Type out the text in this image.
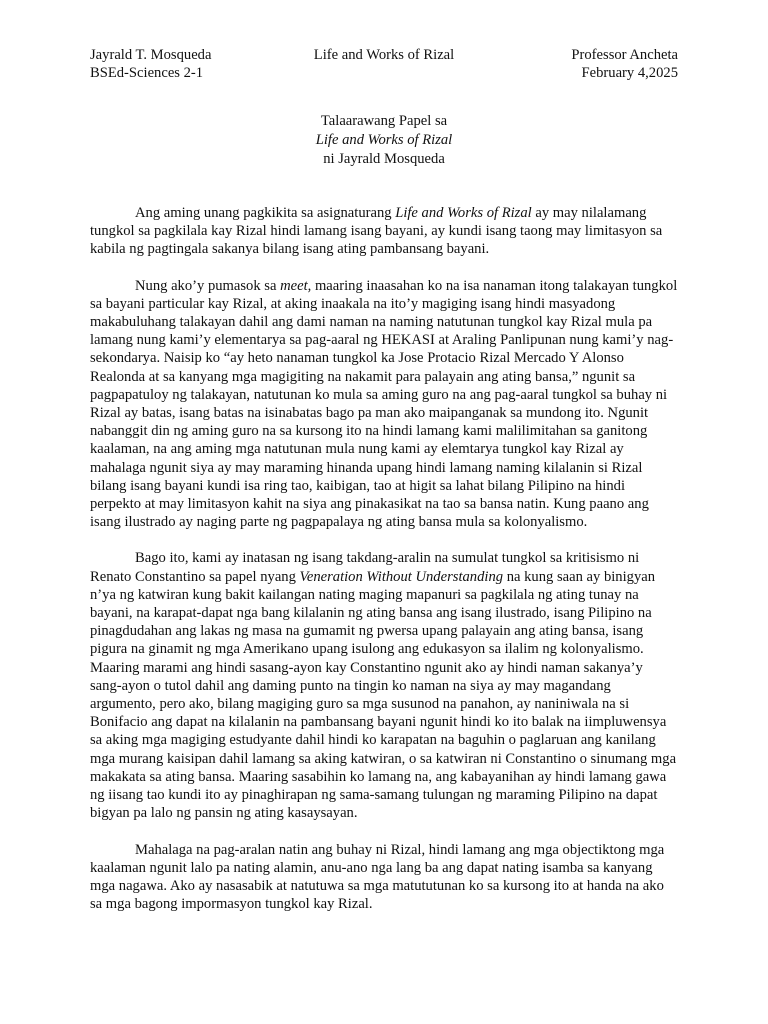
Jayrald T. Mosqueda	Life and Works of Rizal	Professor Ancheta
BSEd-Sciences 2-1	February 4,2025
Talaarawang Papel sa
Life and Works of Rizal
ni Jayrald Mosqueda

Ang aming unang pagkikita sa asignaturang Life and Works of Rizal ay may nilalamang tungkol sa pagkilala kay Rizal hindi lamang isang bayani, ay kundi isang taong may limitasyon sa kabila ng pagtingala sakanya bilang isang ating pambansang bayani.

Nung ako’y pumasok sa meet, maaring inaasahan ko na isa nanaman itong talakayan tungkol sa bayani particular kay Rizal, at aking inaakala na ito’y magiging isang hindi masyadong makabuluhang talakayan dahil ang dami naman na naming natutunan tungkol kay Rizal mula pa lamang nung kami’y elementarya sa pag-aaral ng HEKASI at Araling Panlipunan nung kami’y nag-sekondarya. Naisip ko “ay heto nanaman tungkol ka Jose Protacio Rizal Mercado Y Alonso Realonda at sa kanyang mga magigiting na nakamit para palayain ang ating bansa,” ngunit sa pagpapatuloy ng talakayan, natutunan ko mula sa aming guro na ang pag-aaral tungkol sa buhay ni Rizal ay batas, isang batas na isinabatas bago pa man ako maipanganak sa mundong ito. Ngunit nabanggit din ng aming guro na sa kursong ito na hindi lamang kami malilimitahan sa ganitong kaalaman, na ang aming mga natutunan mula nung kami ay elemtarya tungkol kay Rizal ay mahalaga ngunit siya ay may maraming hinanda upang hindi lamang naming kilalanin si Rizal bilang isang bayani kundi isa ring tao, kaibigan, tao at higit sa lahat bilang Pilipino na hindi perpekto at may limitasyon kahit na siya ang pinakasikat na tao sa bansa natin. Kung paano ang isang ilustrado ay naging parte ng pagpapalaya ng ating bansa mula sa kolonyalismo.

Bago ito, kami ay inatasan ng isang takdang-aralin na sumulat tungkol sa kritisismo ni Renato Constantino sa papel nyang Veneration Without Understanding na kung saan ay binigyan n’ya ng katwiran kung bakit kailangan nating maging mapanuri sa pagkilala ng ating tunay na bayani, na karapat-dapat nga bang kilalanin ng ating bansa ang isang ilustrado, isang Pilipino na pinagdudahan ang lakas ng masa na gumamit ng pwersa upang palayain ang ating bansa, isang pigura na ginamit ng mga Amerikano upang isulong ang edukasyon sa ilalim ng kolonyalismo. Maaring marami ang hindi sasang-ayon kay Constantino ngunit ako ay hindi naman sakanya’y sang-ayon o tutol dahil ang daming punto na tingin ko naman na siya ay may magandang argumento, pero ako, bilang magiging guro sa mga susunod na panahon, ay naniniwala na si Bonifacio ang dapat na kilalanin na pambansang bayani ngunit hindi ko ito balak na iimpluwensya sa aking mga magiging estudyante dahil hindi ko karapatan na baguhin o paglaruan ang kanilang mga murang kaisipan dahil lamang sa aking katwiran, o sa katwiran ni Constantino o sinumang mga makakata sa ating bansa. Maaring sasabihin ko lamang na, ang kabayanihan ay hindi lamang gawa ng iisang tao kundi ito ay pinaghirapan ng sama-samang tulungan ng maraming Pilipino na dapat bigyan pa lalo ng pansin ng ating kasaysayan.

Mahalaga na pag-aralan natin ang buhay ni Rizal, hindi lamang ang mga objectiktong mga kaalaman ngunit lalo pa nating alamin, anu-ano nga lang ba ang dapat nating isamba sa kanyang mga nagawa. Ako ay nasasabik at natutuwa sa mga matututunan ko sa kursong ito at handa na ako sa mga bagong impormasyon tungkol kay Rizal.
